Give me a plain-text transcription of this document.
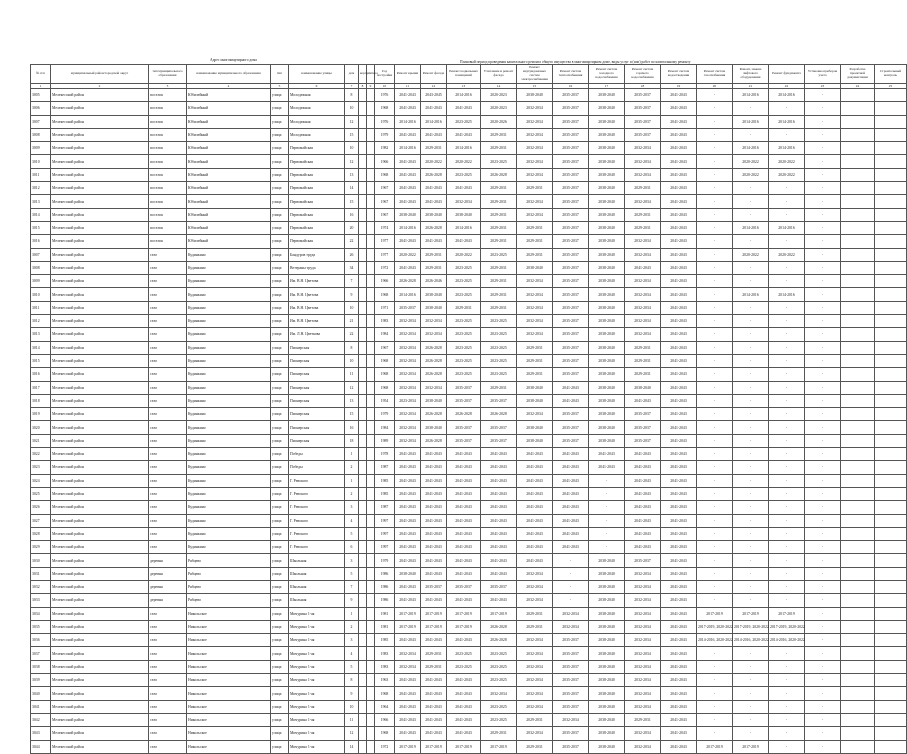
Адрес многоквартирного дома	Плановый период проведения капитального ремонта общего имущества в многоквартирном доме, виды услуг и (или) работ по капитальному ремонту
№ п/п	муниципальный район/городской округ	тип муниципального образования	наименование муниципального образования	тип	наименование улицы	дом	корпус	литера	Год постройки	Ремонт крыши	Ремонт фасада	Ремонт подвальных помещений	Утепление и ремонт фасада	Ремонт внутридомовых систем электроснабжения	Ремонт систем теплоснабжения	Ремонт систем холодного водоснабжения	Ремонт систем горячего водоснабжения	Ремонт систем водоотведения	Ремонт систем газоснабжения	Ремонт, замена лифтового оборудования	Ремонт фундамента	Установка приборов учета	Разработка проектной документации	Строительный контроль
1	2	3	4	5	6	7	8	9	10	11	12	13	14	15	16	17	18	19	20	21	22	23	24	25
3005	Мелекесский район	поселок	Юбилейный	улица	Молодежная	8			1976	2041-2043	2043-2045	2014-2016	2020-2023	2038-2040	2035-2037	2038-2040	2035-2037	2041-2043	-	2014-2016	2014-2016	-		
3006	Мелекесский район	поселок	Юбилейный	улица	Молодежная	10			1968	2041-2043	2041-2043	2041-2043	2020-2023	2032-2034	2035-2037	2038-2040	2035-2037	2041-2043	-	-	-	-		
3007	Мелекесский район	поселок	Юбилейный	улица	Молодежная	12			1976	2014-2016	2014-2016	2023-2025	2020-2026	2032-2034	2035-2037	2038-2040	2035-2037	2041-2043	-	2014-2016	2014-2016	-		
3008	Мелекесский район	поселок	Юбилейный	улица	Молодежная	15			1979	2041-2043	2041-2043	2041-2043	2029-2031	2032-2034	2035-2037	2038-2040	2035-2037	2041-2043	-	-	-	-		
3009	Мелекесский район	поселок	Юбилейный	улица	Первомайская	10			1982	2014-2016	2029-2031	2014-2016	2029-2031	2032-2034	2035-2037	2038-2040	2032-2034	2041-2043	-	2014-2016	2014-2016	-		
3010	Мелекесский район	поселок	Юбилейный	улица	Первомайская	12			1966	2041-2043	2020-2022	2020-2022	2023-2025	2032-2034	2035-2037	2038-2040	2032-2034	2041-2043	-	2020-2022	2020-2022	-		
3011	Мелекесский район	поселок	Юбилейный	улица	Первомайская	13			1968	2041-2043	2026-2028	2023-2025	2026-2028	2032-2034	2035-2037	2038-2040	2032-2034	2041-2043	-	2020-2022	2020-2022	-		
3012	Мелекесский район	поселок	Юбилейный	улица	Первомайская	14			1967	2041-2043	2041-2043	2041-2043	2029-2031	2029-2031	2035-2037	2038-2040	2029-2031	2041-2043	-	-	-	-		
3013	Мелекесский район	поселок	Юбилейный	улица	Первомайская	15			1967	2041-2043	2041-2043	2032-2034	2029-2031	2032-2034	2035-2037	2038-2040	2032-2034	2041-2043	-	-	-	-		
3014	Мелекесский район	поселок	Юбилейный	улица	Первомайская	16			1967	2038-2040	2038-2040	2038-2040	2029-2031	2032-2034	2035-2037	2038-2040	2029-2031	2041-2043	-	-	-	-		
3015	Мелекесский район	поселок	Юбилейный	улица	Первомайская	20			1974	2014-2016	2026-2028	2014-2016	2029-2031	2029-2031	2035-2037	2038-2040	2029-2031	2041-2043	-	2014-2016	2014-2016	-		
3016	Мелекесский район	поселок	Юбилейный	улица	Первомайская	22			1977	2041-2043	2041-2043	2041-2043	2029-2031	2029-2031	2035-2037	2038-2040	2032-2034	2041-2043	-	-	-	-		
3007	Мелекесский район	село	Кудинкино	улица	Бандуров труда	26			1977	2020-2022	2029-2031	2020-2022	2023-2025	2029-2031	2035-2037	2038-2040	2032-2034	2041-2043	-	2020-2022	2020-2022	-		
3008	Мелекесский район	село	Кудинкино	улица	Ветераны труда	34			1972	2041-2043	2029-2031	2023-2025	2029-2031	2038-2040	2035-2037	2038-2040	2041-2043	2041-2043	-	-	-	-		
3009	Мелекесский район	село	Кудинкино	улица	Им. В.Н. Цветова	7			1966	2026-2028	2026-2046	2023-2025	2029-2031	2032-2034	2035-2037	2038-2040	2032-2034	2041-2043	-	-	-	-		
3010	Мелекесский район	село	Кудинкино	улица	Им. В.Н. Цветова	9			1968	2014-2016	2038-2040	2023-2025	2029-2031	2032-2034	2035-2037	2038-2040	2032-2034	2041-2043	-	2014-2016	2014-2016	-		
3011	Мелекесский район	село	Кудинкино	улица	Им. В.Н. Цветова	10			1971	2035-2037	2038-2040	2029-2031	2029-2031	2032-2034	2035-2037	2038-2040	2032-2034	2041-2043	-	-	-	-		
3012	Мелекесский район	село	Кудинкино	улица	Им. В.Н. Цветова	21			1983	2032-2034	2032-2034	2023-2025	2023-2025	2032-2034	2035-2037	2038-2040	2032-2034	2041-2043	-	-	-	-		
3013	Мелекесский район	село	Кудинкино	улица	Им. Л.Н. Цветкова	22			1984	2032-2034	2032-2034	2023-2025	2023-2025	2032-2034	2035-2037	2038-2040	2032-2034	2041-2043	-	-	-	-		
3014	Мелекесский район	село	Кудинкино	улица	Пионерская	8			1967	2032-2034	2026-2028	2023-2025	2023-2025	2029-2031	2035-2037	2038-2040	2029-2031	2041-2043	-	-	-	-		
3015	Мелекесский район	село	Кудинкино	улица	Пионерская	10			1968	2032-2034	2026-2028	2023-2025	2023-2025	2029-2031	2035-2037	2038-2040	2029-2031	2041-2043	-	-	-	-		
3016	Мелекесский район	село	Кудинкино	улица	Пионерская	11			1968	2032-2034	2026-2028	2023-2025	2023-2025	2029-2031	2035-2037	2038-2040	2029-2031	2041-2043	-	-	-	-		
3017	Мелекесский район	село	Кудинкино	улица	Пионерская	12			1968	2032-2034	2032-2034	2035-2037	2029-2031	2038-2040	2041-2043	2038-2040	2038-2040	2041-2043	-	-	-	-		
3018	Мелекесский район	село	Кудинкино	улица	Пионерская	13			1954	2023-2034	2038-2040	2035-2037	2035-2037	2038-2040	2041-2043	2038-2040	2041-2043	2041-2043	-	-	-	-		
3019	Мелекесский район	село	Кудинкино	улица	Пионерская	15			1979	2032-2034	2026-2028	2026-2028	2026-2028	2032-2034	2035-2037	2038-2040	2035-2037	2041-2043	-	-	-	-		
3020	Мелекесский район	село	Кудинкино	улица	Пионерская	16			1984	2032-2034	2038-2040	2035-2037	2035-2037	2038-2040	2035-2037	2038-2040	2035-2037	2041-2043	-	-	-	-		
3021	Мелекесский район	село	Кудинкино	улица	Пионерская	18			1989	2032-2034	2026-2028	2035-2037	2035-2037	2038-2040	2035-2037	2038-2040	2035-2037	2041-2043	-	-	-	-		
3022	Мелекесский район	село	Кудинкино	улица	Победы	1			1978	2041-2043	2041-2043	2041-2043	2041-2043	2041-2043	2041-2043	2041-2043	2041-2043	2041-2043	-	-	-	-		
3023	Мелекесский район	село	Кудинкино	улица	Победы	2			1987	2041-2043	2041-2043	2041-2043	2041-2043	2041-2043	2041-2043	2041-2043	2041-2043	2041-2043	-	-	-	-		
3024	Мелекесский район	село	Кудинкино	улица	Г. Ревокого	1			1985	2041-2043	2041-2043	2041-2043	2041-2043	2041-2043	2041-2043	-	2041-2043	2041-2043	-	-	-	-		
3025	Мелекесский район	село	Кудинкино	улица	Г. Ревокого	2			1985	2041-2043	2041-2043	2041-2043	2041-2043	2041-2043	2041-2043	-	2041-2043	2041-2043	-	-	-	-		
3026	Мелекесский район	село	Кудинкино	улица	Г. Ревокого	3			1987	2041-2043	2041-2043	2041-2043	2041-2043	2041-2043	2041-2043	-	2041-2043	2041-2043	-	-	-	-		
3027	Мелекесский район	село	Кудинкино	улица	Г. Ревокого	4			1997	2041-2043	2041-2043	2041-2043	2041-2043	2041-2043	2041-2043	-	2041-2043	2041-2043	-	-	-	-		
3028	Мелекесский район	село	Кудинкино	улица	Г. Ревокого	5			1997	2041-2043	2041-2043	2041-2043	2041-2043	2041-2043	2041-2043	-	2041-2043	2041-2043	-	-	-	-		
3029	Мелекесский район	село	Кудинкино	улица	Г. Ревокого	6			1997	2041-2043	2041-2043	2041-2043	2041-2043	2041-2043	2041-2043	-	2041-2043	2041-2043	-	-	-	-		
3030	Мелекесский район	деревня	Рябцево	улица	Школьная	3			1979	2041-2043	2041-2043	2041-2043	2041-2043	2041-2043	-	2038-2040	2035-2037	2041-2043	-	-	-	-		
3031	Мелекесский район	деревня	Рябцево	улица	Школьная	5			1986	2038-2040	2041-2043	2041-2043	2041-2043	2032-2034	-	2038-2040	2032-2034	2041-2043	-	-	-	-		
3032	Мелекесский район	деревня	Рябцево	улица	Школьная	7			1986	2041-2043	2035-2037	2035-2037	2035-2037	2032-2034	-	2038-2040	2032-2034	2041-2043	-	-	-	-		
3033	Мелекесский район	деревня	Рябцево	улица	Школьная	9			1986	2041-2043	2041-2043	2041-2043	2041-2043	2032-2034	-	2038-2040	2032-2034	2041-2043	-	-	-	-		
3034	Мелекесский район	село	Никольское	улица	Мичурина 1-ая	1			1981	2017-2019	2017-2019	2017-2019	2017-2019	2029-2031	2032-2034	2038-2040	2032-2034	2041-2043	2017-2019	2017-2019	2017-2019	-		
3035	Мелекесский район	село	Никольское	улица	Мичурина 1-ая	2			1981	2017-2019	2017-2019	2017-2019	2026-2028	2029-2031	2032-2034	2038-2040	2032-2034	2041-2043	2017-2019, 2020-2022	2017-2019, 2020-2022	2017-2019, 2020-2022	-		
3036	Мелекесский район	село	Никольское	улица	Мичурина 1-ая	3			1985	2041-2043	2041-2043	2041-2043	2026-2028	2032-2034	2035-2037	2038-2040	2032-2034	2041-2043	2014-2016, 2020-2022	2014-2016, 2020-2022	2014-2016, 2020-2022	-		
3037	Мелекесский район	село	Никольское	улица	Мичурина 1-ая	4			1983	2032-2034	2029-2031	2023-2025	2023-2025	2032-2034	2035-2037	2038-2040	2032-2034	2041-2043	-	-	-	-		
3038	Мелекесский район	село	Никольское	улица	Мичурина 1-ая	5			1983	2032-2034	2029-2031	2023-2025	2023-2025	2032-2034	2035-2037	2038-2040	2032-2034	2041-2043	-	-	-	-		
3039	Мелекесский район	село	Никольское	улица	Мичурина 1-ая	8			1963	2041-2043	2041-2043	2041-2043	2023-2025	2032-2034	2035-2037	2038-2040	2032-2034	2041-2043	-	-	-	-		
3040	Мелекесский район	село	Никольское	улица	Мичурина 1-ая	9			1968	2041-2043	2041-2043	2041-2043	2032-2034	2032-2034	2035-2037	2038-2040	2032-2034	2041-2043	-	-	-	-		
3041	Мелекесский район	село	Никольское	улица	Мичурина 1-ая	10			1964	2041-2043	2041-2043	2041-2043	2023-2025	2032-2034	2035-2037	2038-2040	2032-2034	2041-2043	-	-	-	-		
3042	Мелекесский район	село	Никольское	улица	Мичурина 1-ая	11			1966	2041-2043	2041-2043	2041-2043	2023-2025	2029-2031	2032-2034	2038-2040	2029-2031	2041-2043	-	-	-	-		
3043	Мелекесский район	село	Никольское	улица	Мичурина 1-ая	12			1968	2041-2043	2041-2043	2041-2043	2029-2031	2032-2034	2035-2037	2038-2040	2032-2034	2041-2043	-	-	-	-		
3044	Мелекесский район	село	Никольское	улица	Мичурина 1-ая	14			1972	2017-2019	2017-2019	2017-2019	2017-2019	2029-2031	2035-2037	2038-2040	2032-2034	2041-2043	2017-2019	2017-2019	-	-		
